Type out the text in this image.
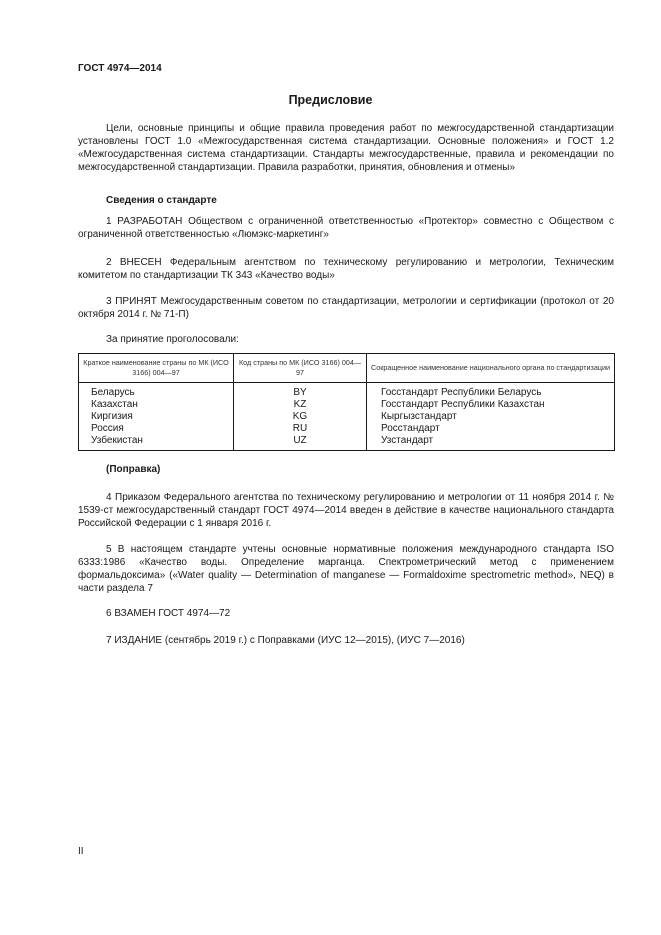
ГОСТ 4974—2014
Предисловие
Цели, основные принципы и общие правила проведения работ по межгосударственной стандартизации установлены ГОСТ 1.0 «Межгосударственная система стандартизации. Основные положения» и ГОСТ 1.2 «Межгосударственная система стандартизации. Стандарты межгосударственные, правила и рекомендации по межгосударственной стандартизации. Правила разработки, принятия, обновления и отмены»
Сведения о стандарте
1 РАЗРАБОТАН Обществом с ограниченной ответственностью «Протектор» совместно с Обществом с ограниченной ответственностью «Люмэкс-маркетинг»
2 ВНЕСЕН Федеральным агентством по техническому регулированию и метрологии, Техническим комитетом по стандартизации ТК 343 «Качество воды»
3 ПРИНЯТ Межгосударственным советом по стандартизации, метрологии и сертификации (протокол от 20 октября 2014 г. № 71-П)
За принятие проголосовали:
Краткое наименование страны по МК (ИСО 3166) 004—97	Код страны по МК (ИСО 3166) 004—97	Сокращенное наименование национального органа по стандартизации
Беларусь	BY	Госстандарт Республики Беларусь
Казахстан	KZ	Госстандарт Республики Казахстан
Киргизия	KG	Кыргызстандарт
Россия	RU	Росстандарт
Узбекистан	UZ	Узстандарт
(Поправка)
4 Приказом Федерального агентства по техническому регулированию и метрологии от 11 ноября 2014 г. № 1539-ст межгосударственный стандарт ГОСТ 4974—2014 введен в действие в качестве национального стандарта Российской Федерации с 1 января 2016 г.
5 В настоящем стандарте учтены основные нормативные положения международного стандарта ISO 6333:1986 «Качество воды. Определение марганца. Спектрометрический метод с применением формальдоксима» («Water quality — Determination of manganese — Formaldoxime spectrometric method», NEQ) в части раздела 7
6 ВЗАМЕН ГОСТ 4974—72
7 ИЗДАНИЕ (сентябрь 2019 г.) с Поправками (ИУС 12—2015), (ИУС 7—2016)
II
